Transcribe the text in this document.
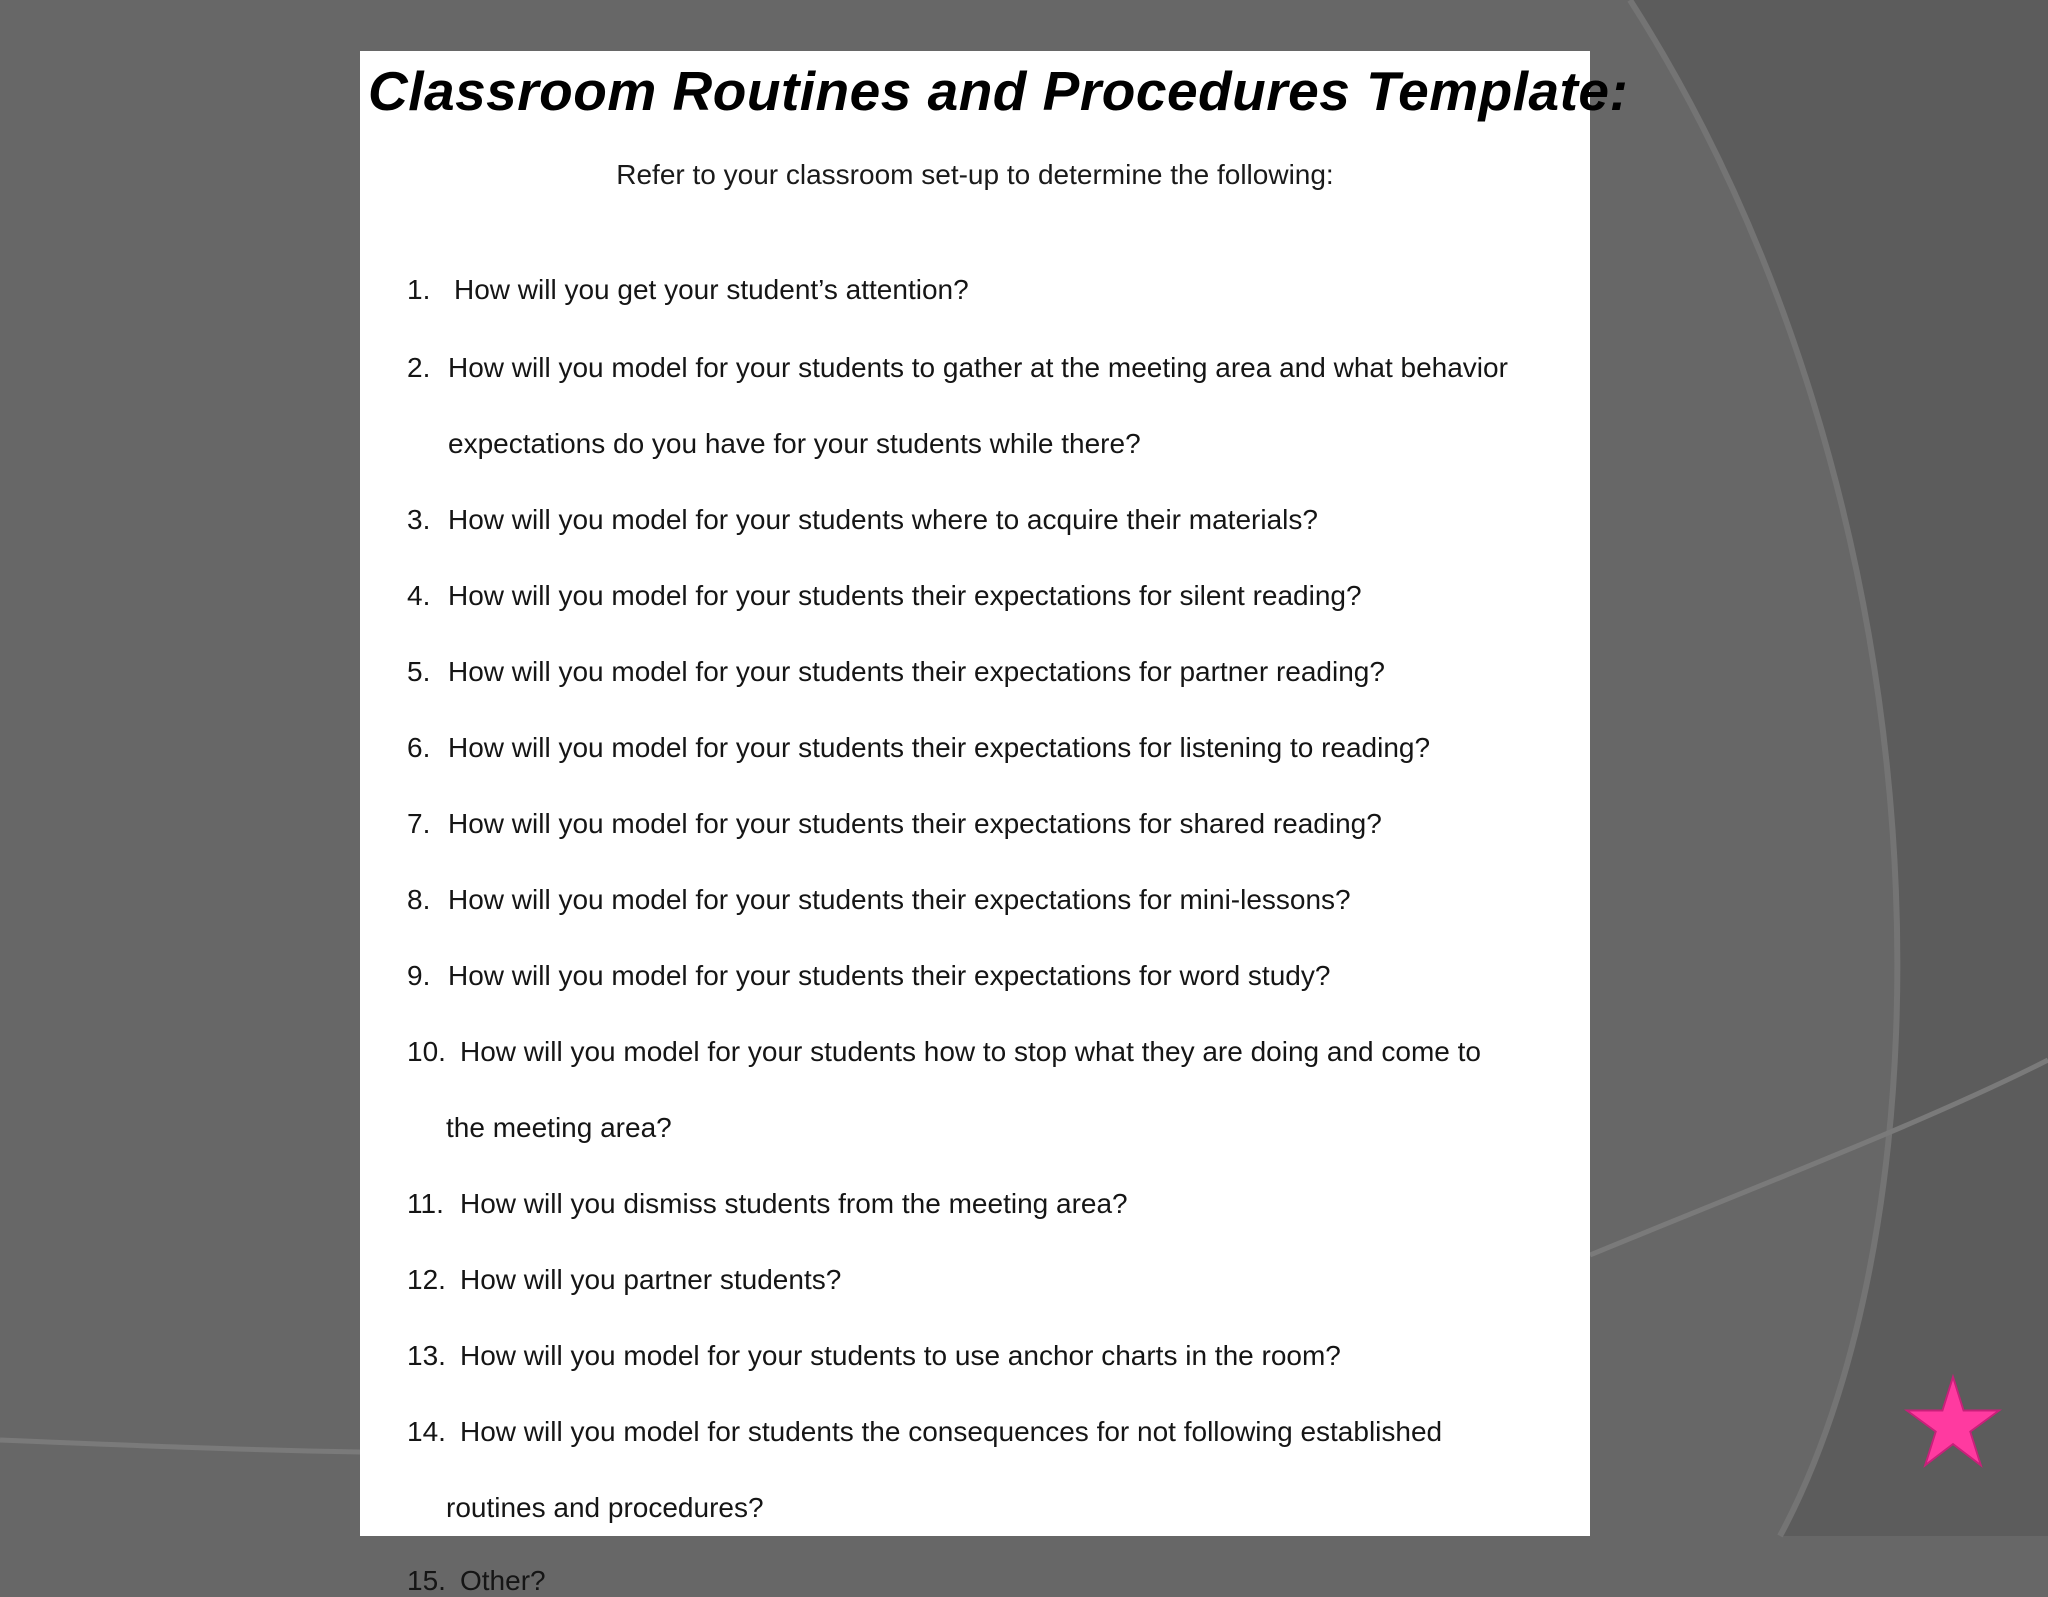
Classroom Routines and Procedures Template:
Refer to your classroom set-up to determine the following:
1. How will you get your student’s attention?
2. How will you model for your students to gather at the meeting area and what behavior
expectations do you have for your students while there?
3. How will you model for your students where to acquire their materials?
4. How will you model for your students their expectations for silent reading?
5. How will you model for your students their expectations for partner reading?
6. How will you model for your students their expectations for listening to reading?
7. How will you model for your students their expectations for shared reading?
8. How will you model for your students their expectations for mini-lessons?
9. How will you model for your students their expectations for word study?
10. How will you model for your students how to stop what they are doing and come to
the meeting area?
11. How will you dismiss students from the meeting area?
12. How will you partner students?
13. How will you model for your students to use anchor charts in the room?
14. How will you model for students the consequences for not following established
routines and procedures?
15. Other?
